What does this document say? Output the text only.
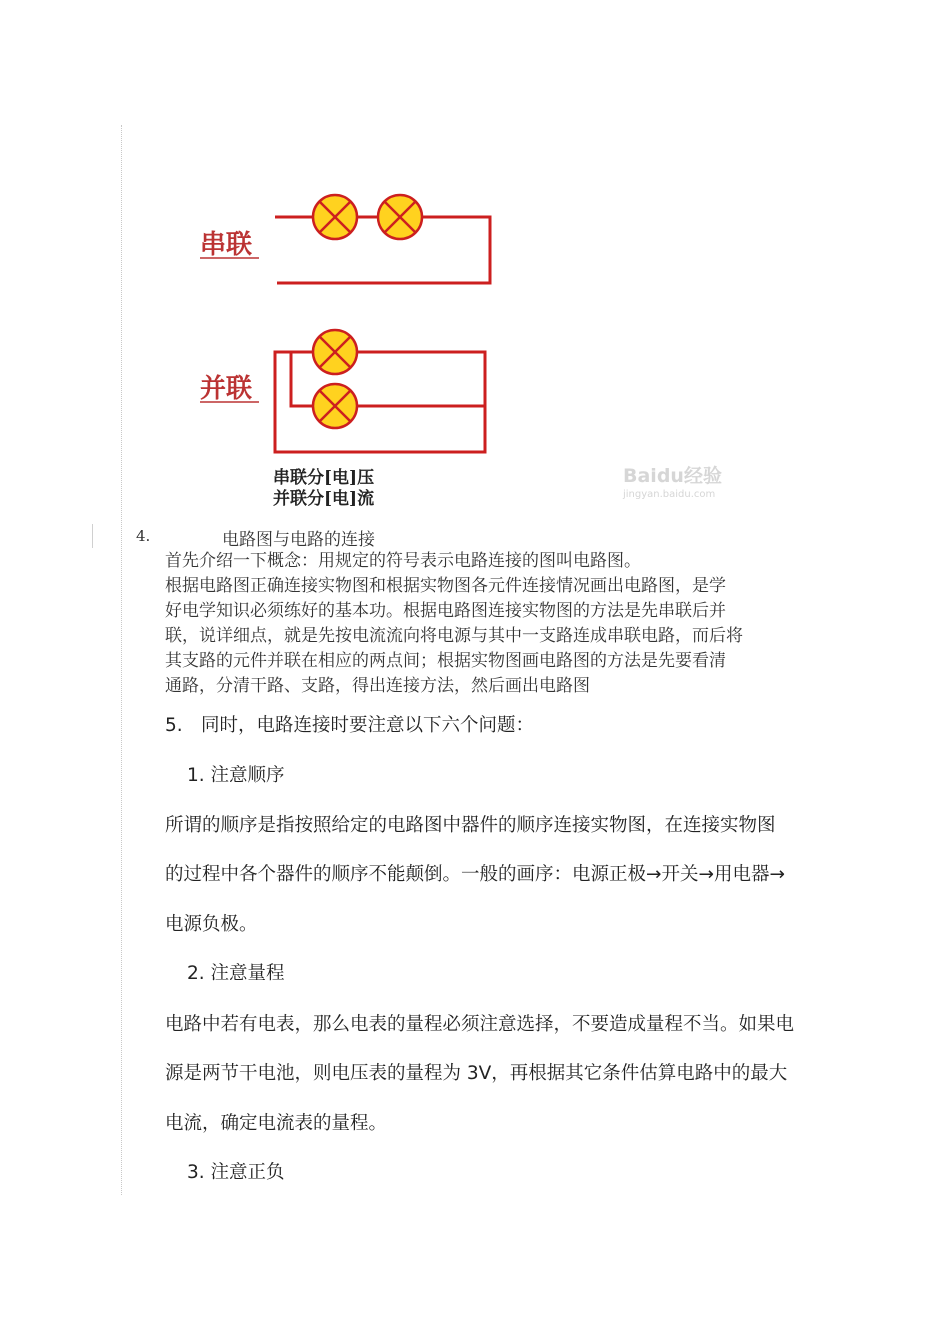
串联
并联
串联分[电]压
并联分[电]流
Baidu经验
jingyan.baidu.com
4.	电路图与电路的连接

首先介绍一下概念：用规定的符号表示电路连接的图叫电路图。

根据电路图正确连接实物图和根据实物图各元件连接情况画出电路图，是学

好电学知识必须练好的基本功。根据电路图连接实物图的方法是先串联后并

联，说详细点，就是先按电流流向将电源与其中一支路连成串联电路，而后将

其支路的元件并联在相应的两点间；根据实物图画电路图的方法是先要看清

通路，分清干路、支路，得出连接方法，然后画出电路图

5. 同时，电路连接时要注意以下六个问题：
1. 注意顺序
所谓的顺序是指按照给定的电路图中器件的顺序连接实物图，在连接实物图
的过程中各个器件的顺序不能颠倒。一般的画序：电源正极→开关→用电器→
电源负极。
2. 注意量程
电路中若有电表，那么电表的量程必须注意选择，不要造成量程不当。如果电
源是两节干电池，则电压表的量程为 3V，再根据其它条件估算电路中的最大
电流，确定电流表的量程。
3. 注意正负
